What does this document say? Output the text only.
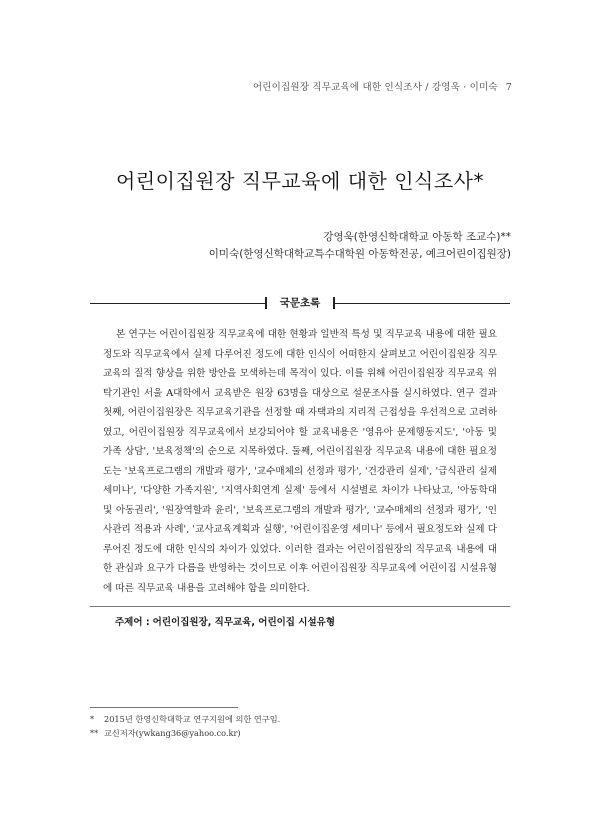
어린이집원장 직무교육에 대한 인식조사 / 강영욱 · 이미숙 7
어린이집원장 직무교육에 대한 인식조사*
강영욱(한영신학대학교 아동학 조교수)**
이미숙(한영신학대학교특수대학원 아동학전공, 예크어린이집원장)
국문초록

본 연구는 어린이집원장 직무교육에 대한 현황과 일반적 특성 및 직무교육 내용에 대한 필요정도와 직무교육에서 실제 다루어진 정도에 대한 인식이 어떠한지 살펴보고 어린이집원장 직무교육의 질적 향상을 위한 방안을 모색하는데 목적이 있다. 이를 위해 어린이집원장 직무교육 위탁기관인 서울 A대학에서 교육받은 원장 63명을 대상으로 설문조사를 실시하였다. 연구 결과 첫째, 어린이집원장은 직무교육기관을 선정할 때 자택과의 지리적 근접성을 우선적으로 고려하였고, 어린이집원장 직무교육에서 보강되어야 할 교육내용은 '영유아 문제행동지도', '아동 및 가족 상담', '보육정책'의 순으로 지목하였다. 둘째, 어린이집원장 직무교육 내용에 대한 필요정도는 '보육프로그램의 개발과 평가', '교수매체의 선정과 평가', '건강관리 실제', '급식관리 실제 세미나', '다양한 가족지원', '지역사회연계 실제' 등에서 시설별로 차이가 나타났고, '아동학대 및 아동권리', '원장역할과 윤리', '보육프로그램의 개발과 평가', '교수매체의 선정과 평가', '인사관리 적용과 사례', '교사교육계획과 실행', '어린이집운영 세미나' 등에서 필요정도와 실제 다루어진 정도에 대한 인식의 차이가 있었다. 이러한 결과는 어린이집원장의 직무교육 내용에 대한 관심과 요구가 다름을 반영하는 것이므로 이후 어린이집원장 직무교육에 어린이집 시설유형에 따른 직무교육 내용을 고려해야 함을 의미한다.

주제어 : 어린이집원장, 직무교육, 어린이집 시설유형
* 2015년 한영신학대학교 연구지원에 의한 연구임.
** 교신저자(ywkang36@yahoo.co.kr)
